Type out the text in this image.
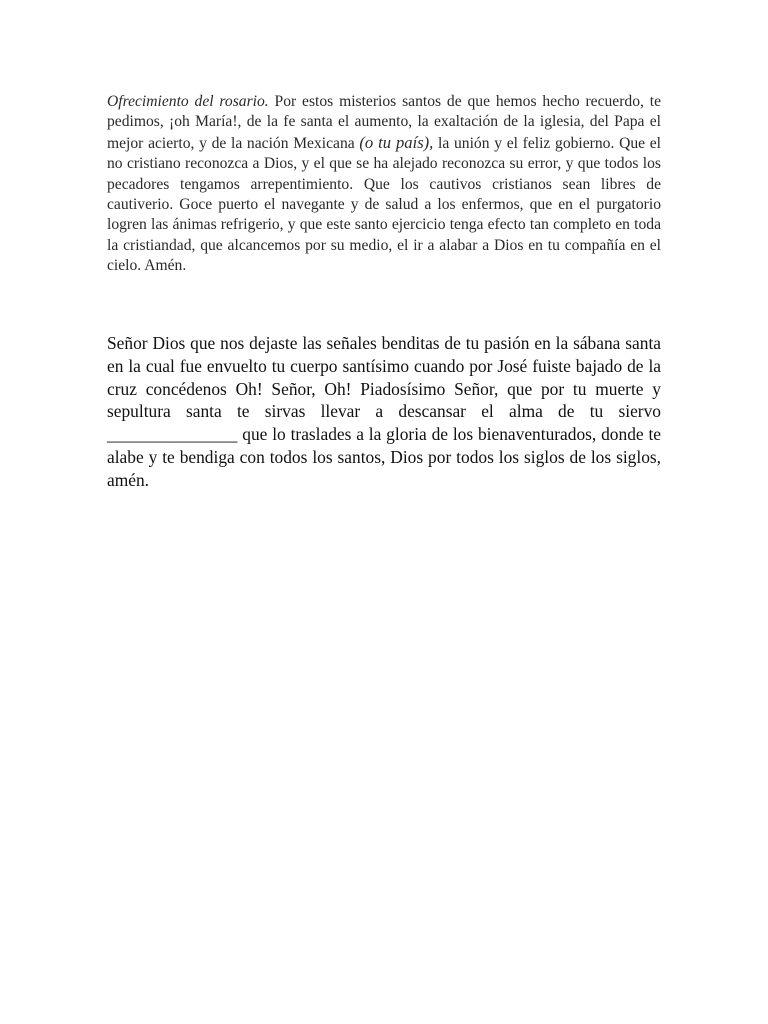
Ofrecimiento del rosario. Por estos misterios santos de que hemos hecho recuerdo, te pedimos, ¡oh María!, de la fe santa el aumento, la exaltación de la iglesia, del Papa el mejor acierto, y de la nación Mexicana (o tu país), la unión y el feliz gobierno. Que el no cristiano reconozca a Dios, y el que se ha alejado reconozca su error, y que todos los pecadores tengamos arrepentimiento. Que los cautivos cristianos sean libres de cautiverio. Goce puerto el navegante y de salud a los enfermos, que en el purgatorio logren las ánimas refrigerio, y que este santo ejercicio tenga efecto tan completo en toda la cristiandad, que alcancemos por su medio, el ir a alabar a Dios en tu compañía en el cielo. Amén.

Señor Dios que nos dejaste las señales benditas de tu pasión en la sábana santa en la cual fue envuelto tu cuerpo santísimo cuando por José fuiste bajado de la cruz concédenos Oh! Señor, Oh! Piadosísimo Señor, que por tu muerte y sepultura santa te sirvas llevar a descansar el alma de tu siervo _______________ que lo traslades a la gloria de los bienaventurados, donde te alabe y te bendiga con todos los santos, Dios por todos los siglos de los siglos, amén.
